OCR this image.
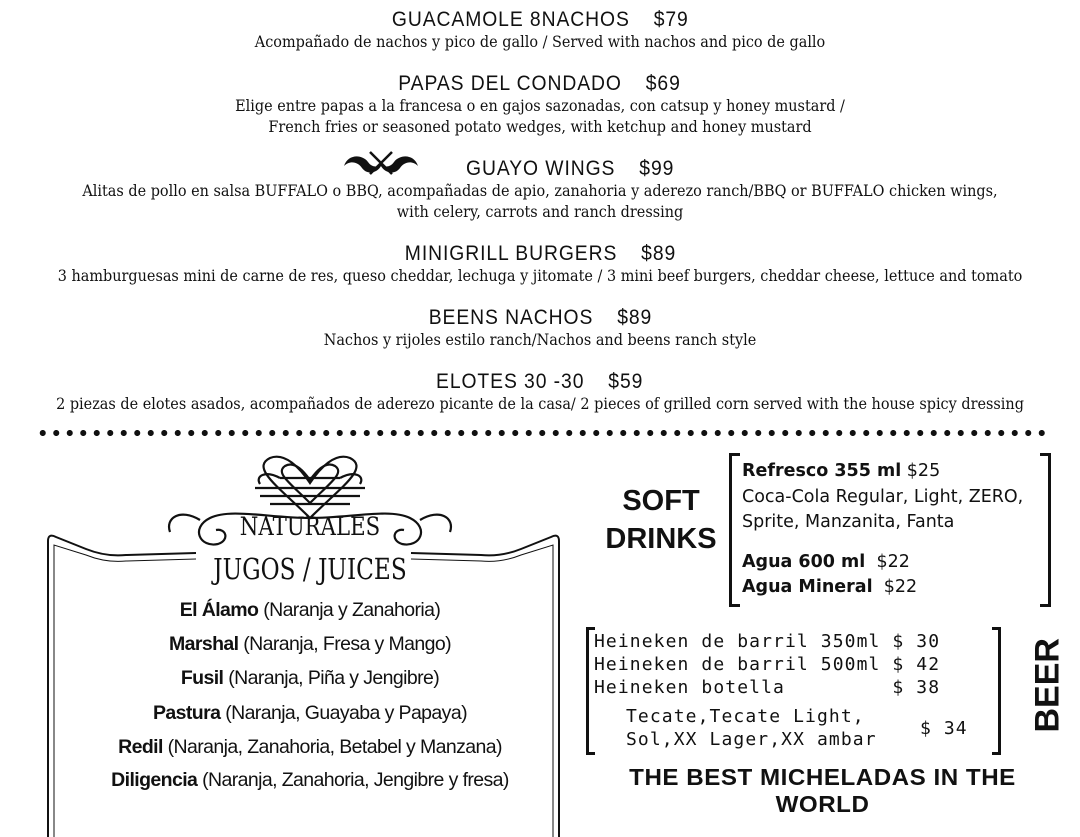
GUACAMOLE 8NACHOS $79
Acompañado de nachos y pico de gallo / Served with nachos and pico de gallo
PAPAS DEL CONDADO $69
Elige entre papas a la francesa o en gajos sazonadas, con catsup y honey mustard /
French fries or seasoned potato wedges, with ketchup and honey mustard
GUAYO WINGS $99
Alitas de pollo en salsa BUFFALO o BBQ, acompañadas de apio, zanahoria y aderezo ranch/BBQ or BUFFALO chicken wings,
with celery, carrots and ranch dressing
MINIGRILL BURGERS $89
3 hamburguesas mini de carne de res, queso cheddar, lechuga y jitomate / 3 mini beef burgers, cheddar cheese, lettuce and tomato
BEENS NACHOS $89
Nachos y rijoles estilo ranch/Nachos and beens ranch style
ELOTES 30 -30 $59
2 piezas de elotes asados, acompañados de aderezo picante de la casa/ 2 pieces of grilled corn served with the house spicy dressing
NATURALES
JUGOS / JUICES
El Álamo (Naranja y Zanahoria)
Marshal (Naranja, Fresa y Mango)
Fusil (Naranja, Piña y Jengibre)
Pastura (Naranja, Guayaba y Papaya)
Redil (Naranja, Zanahoria, Betabel y Manzana)
Diligencia (Naranja, Zanahoria, Jengibre y fresa)
SOFT
DRINKS
Refresco 355 ml $25
Coca-Cola Regular, Light, ZERO,
Sprite, Manzanita, Fanta
Agua 600 ml $22
Agua Mineral $22
Heineken de barril 350ml $ 30
Heineken de barril 500ml $ 42
Heineken botella         $ 38
Tecate,Tecate Light,
Sol,XX Lager,XX ambar
$ 34 BEER
THE BEST MICHELADAS IN THE WORLD
